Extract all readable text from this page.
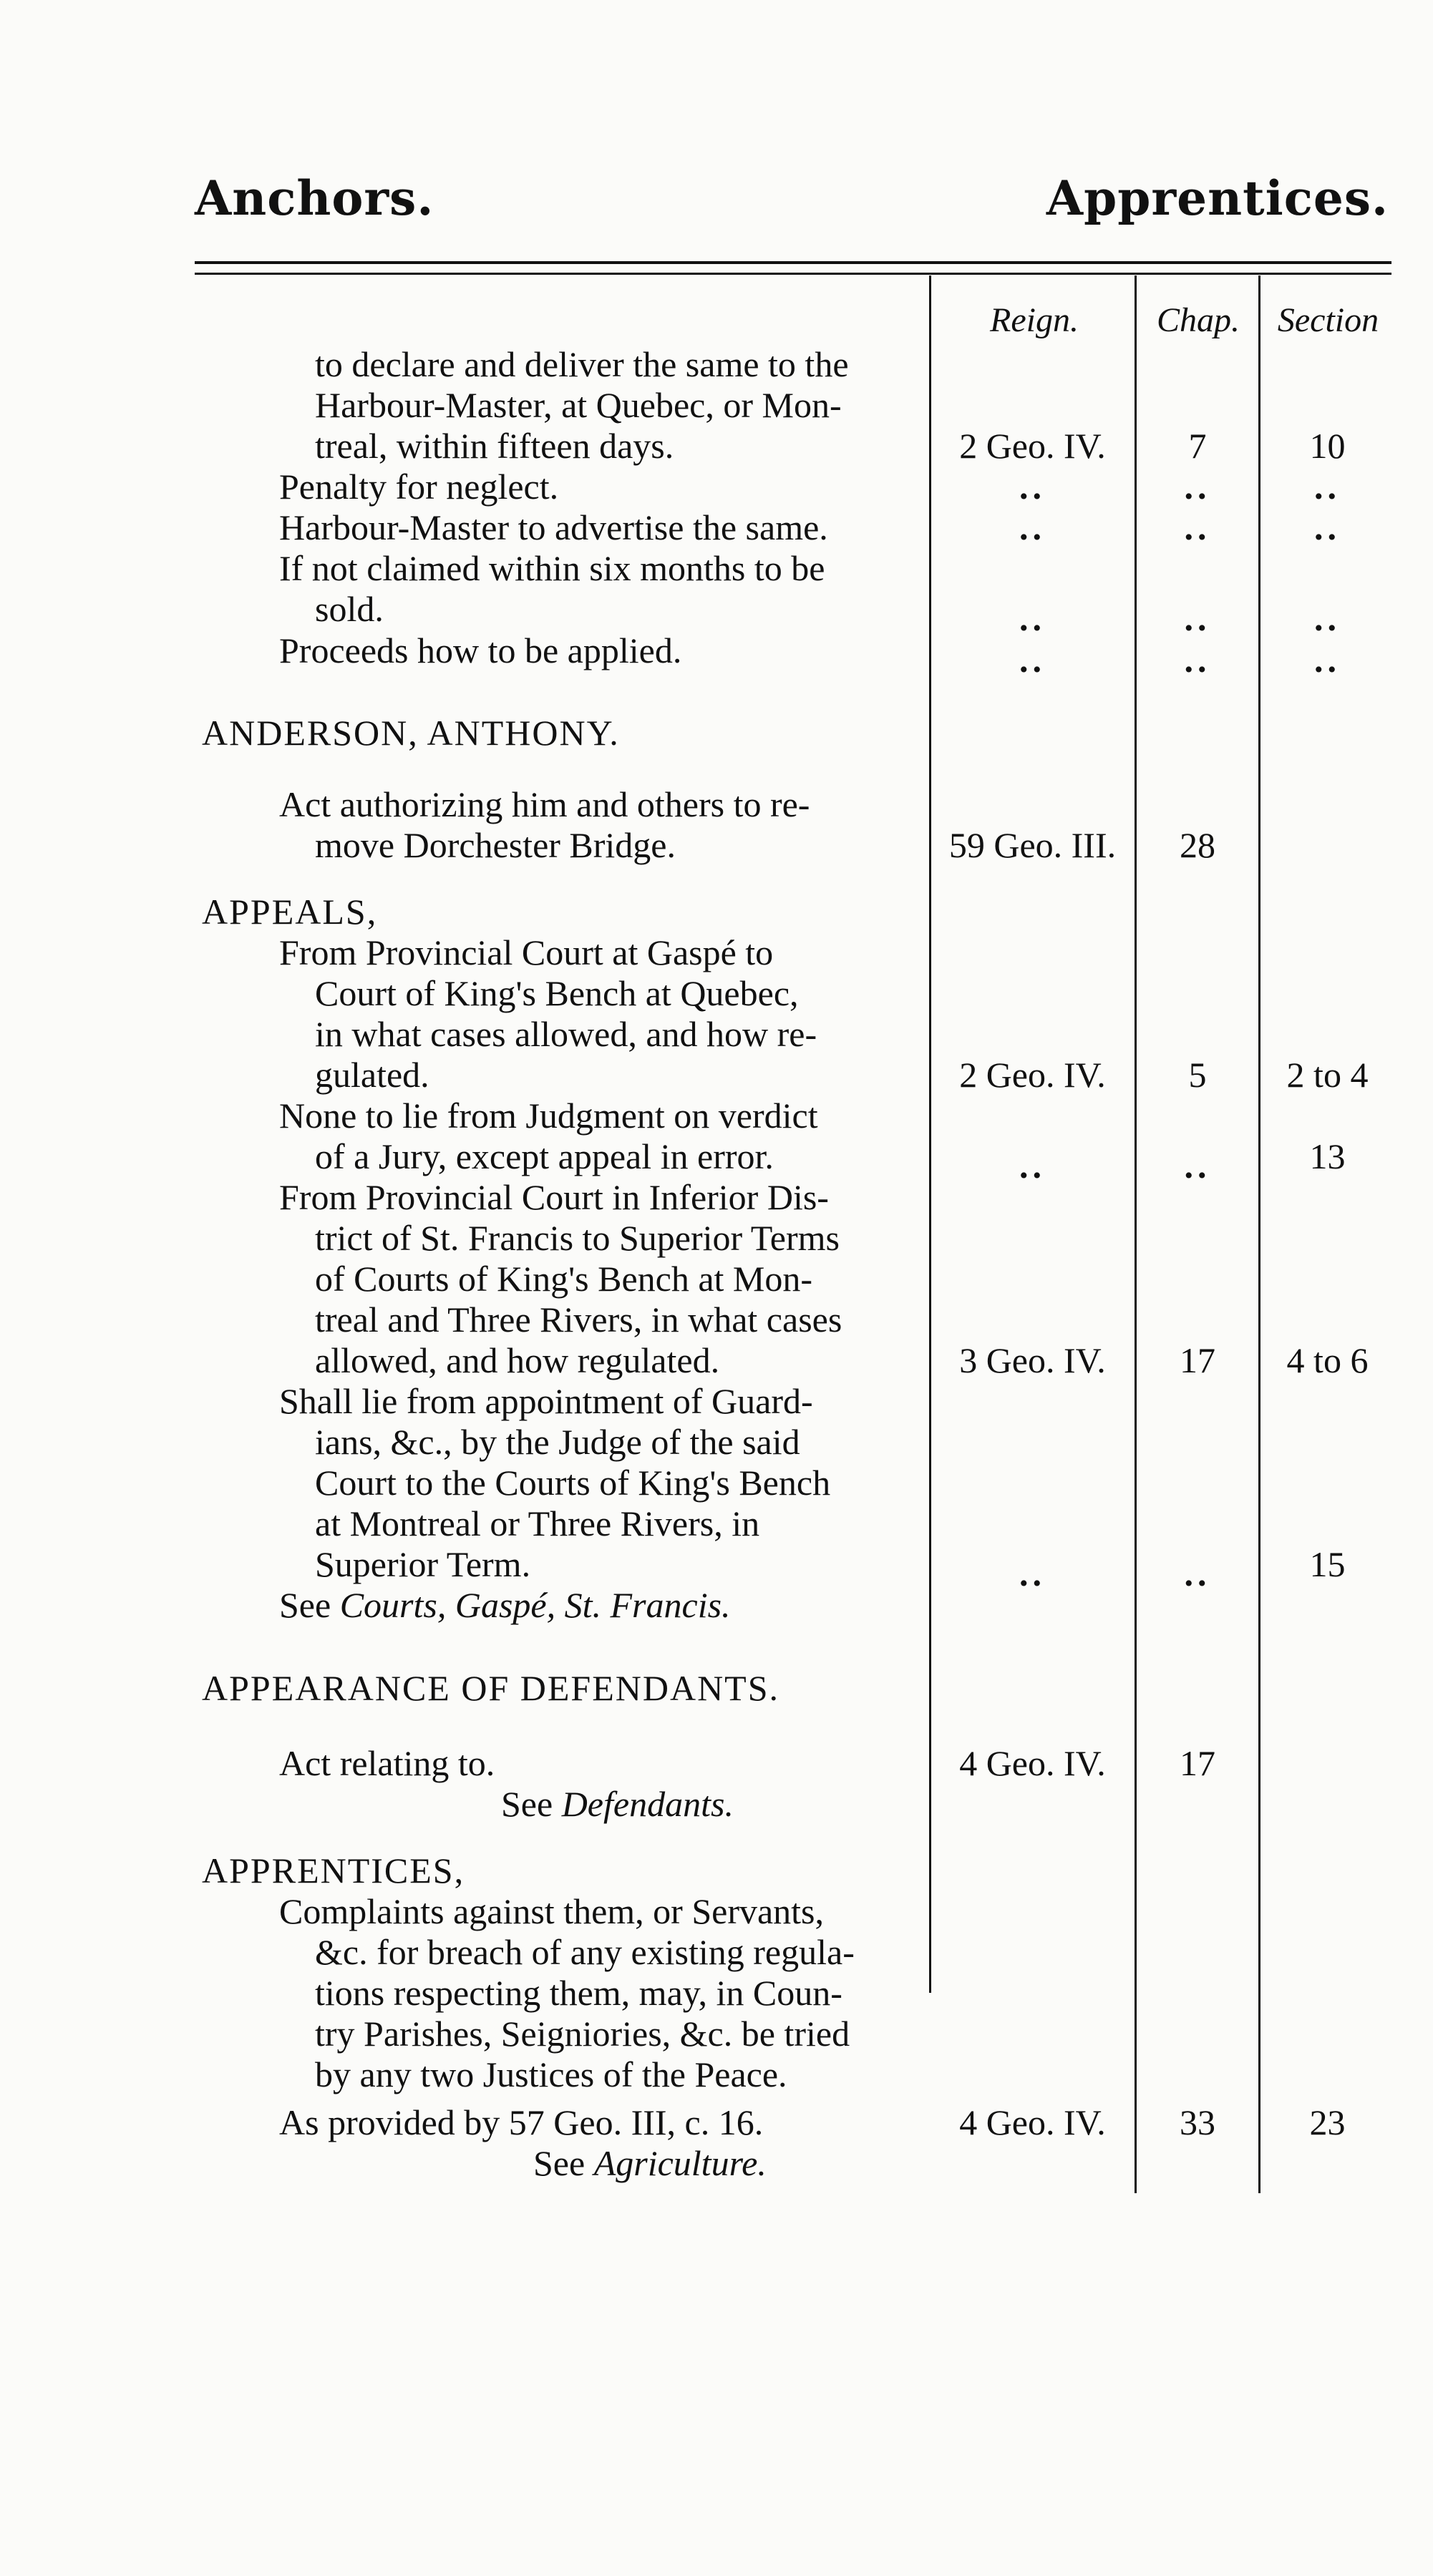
Anchors.	Apprentices.
Reign.	Chap.	Section
to declare and deliver the same to the
Harbour-Master, at Quebec, or Mon-
treal, within fifteen days.	2 Geo. IV.	7	10
Penalty for neglect.	..	..	..
Harbour-Master to advertise the same.	..	..	..
If not claimed within six months to be
sold.	..	..	..
Proceeds how to be applied.	..	..	..
ANDERSON, ANTHONY.
Act authorizing him and others to re-
move Dorchester Bridge.	59 Geo. III.	28
APPEALS,
From Provincial Court at Gaspé to
Court of King's Bench at Quebec,
in what cases allowed, and how re-
gulated.	2 Geo. IV.	5	2 to 4
None to lie from Judgment on verdict
of a Jury, except appeal in error.	..	..	13
From Provincial Court in Inferior Dis-
trict of St. Francis to Superior Terms
of Courts of King's Bench at Mon-
treal and Three Rivers, in what cases
allowed, and how regulated.	3 Geo. IV.	17	4 to 6
Shall lie from appointment of Guard-
ians, &c., by the Judge of the said
Court to the Courts of King's Bench
at Montreal or Three Rivers, in
Superior Term.	..	..	15
See Courts, Gaspé, St. Francis.
APPEARANCE OF DEFENDANTS.
Act relating to.	4 Geo. IV.	17
See Defendants.
APPRENTICES,
Complaints against them, or Servants,
&c. for breach of any existing regula-
tions respecting them, may, in Coun-
try Parishes, Seigniories, &c. be tried
by any two Justices of the Peace.
As provided by 57 Geo. III, c. 16.	4 Geo. IV.	33	23
See Agriculture.
